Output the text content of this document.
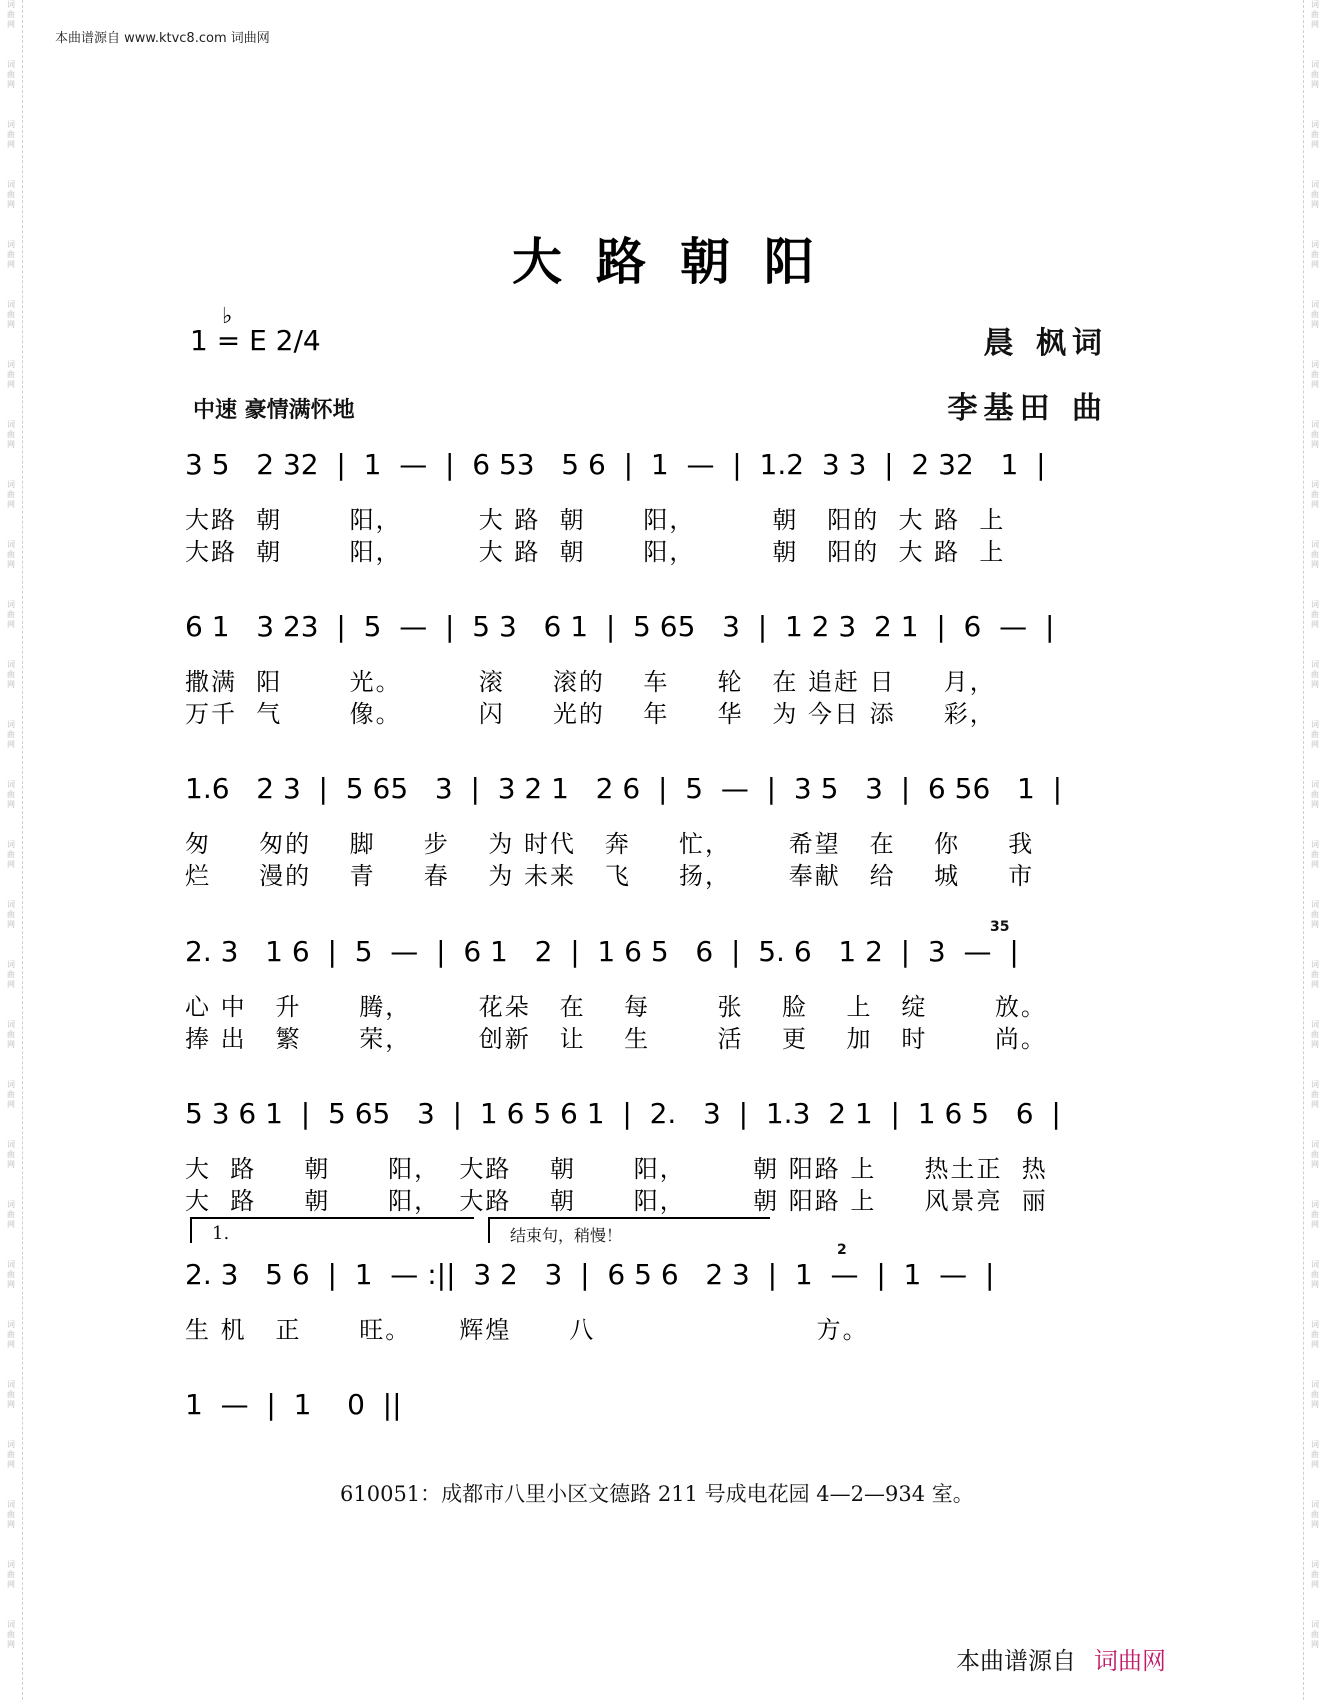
词曲网
词曲网
词曲网
词曲网
词曲网
词曲网
词曲网
词曲网
词曲网
词曲网
词曲网
词曲网
词曲网
词曲网
词曲网
词曲网
词曲网
词曲网
词曲网
词曲网
词曲网
词曲网
词曲网
词曲网
词曲网
词曲网
词曲网
词曲网
词曲网
词曲网
词曲网
词曲网
词曲网
词曲网
词曲网
词曲网
词曲网
词曲网
词曲网
词曲网
词曲网
词曲网
词曲网
词曲网
词曲网
词曲网
词曲网
词曲网
词曲网
词曲网
词曲网
词曲网
词曲网
词曲网
词曲网
词曲网
本曲谱源自 www.ktvc8.com 词曲网
大路朝阳
♭
1 = E 2/4
中速 豪情满怀地
晨 枫词
李基田 曲
3 5   2 32  |  1  —  |  6 53   5 6  |  1  —  |  1.2  3 3  |  2 32   1  |
大路  朝       阳，        大 路  朝      阳，        朝   阳的  大 路  上
大路  朝       阳，        大 路  朝      阳，        朝   阳的  大 路  上
6 1   3 23  |  5  —  |  5 3   6 1  |  5 65   3  |  1 2 3  2 1  |  6  —  |
撒满  阳       光。        滚     滚的    车     轮   在 追赶 日     月，
万千  气       像。        闪     光的    年     华   为 今日 添     彩，
1.6   2 3  |  5 65   3  |  3 2 1   2 6  |  5  —  |  3 5   3  |  6 56   1  |
匆     匆的    脚     步    为 时代   奔     忙，      希望   在    你     我
烂     漫的    青     春    为 未来   飞     扬，      奉献   给    城     市
2. 3   1 6  |  5  —  |  6 1   2  |  1 6 5   6  |  5. 6   1 2  |  3  —  |
心 中   升      腾，       花朵   在    每       张    脸    上   绽       放。
捧 出   繁      荣，       创新   让    生       活    更    加   时       尚。
35
5 3 6 1  |  5 65   3  |  1 6 5 6 1  |  2.   3  |  1.3  2 1  |  1 6 5   6  |
大  路     朝      阳，  大路    朝      阳，       朝 阳路 上     热土正  热
大  路     朝      阳，  大路    朝      阳，       朝 阳路 上     风景亮  丽
1.	结束句，稍慢！
2. 3   5 6  |  1  — :||  3 2   3  |  6 5 6   2 3  |  1  —  |  1  —  |
生 机   正      旺。     辉煌      八                       方。
2
1  —  |  1    0  ||
610051：成都市八里小区文德路 211 号成电花园 4—2—934 室。
本曲谱源自 词曲网
